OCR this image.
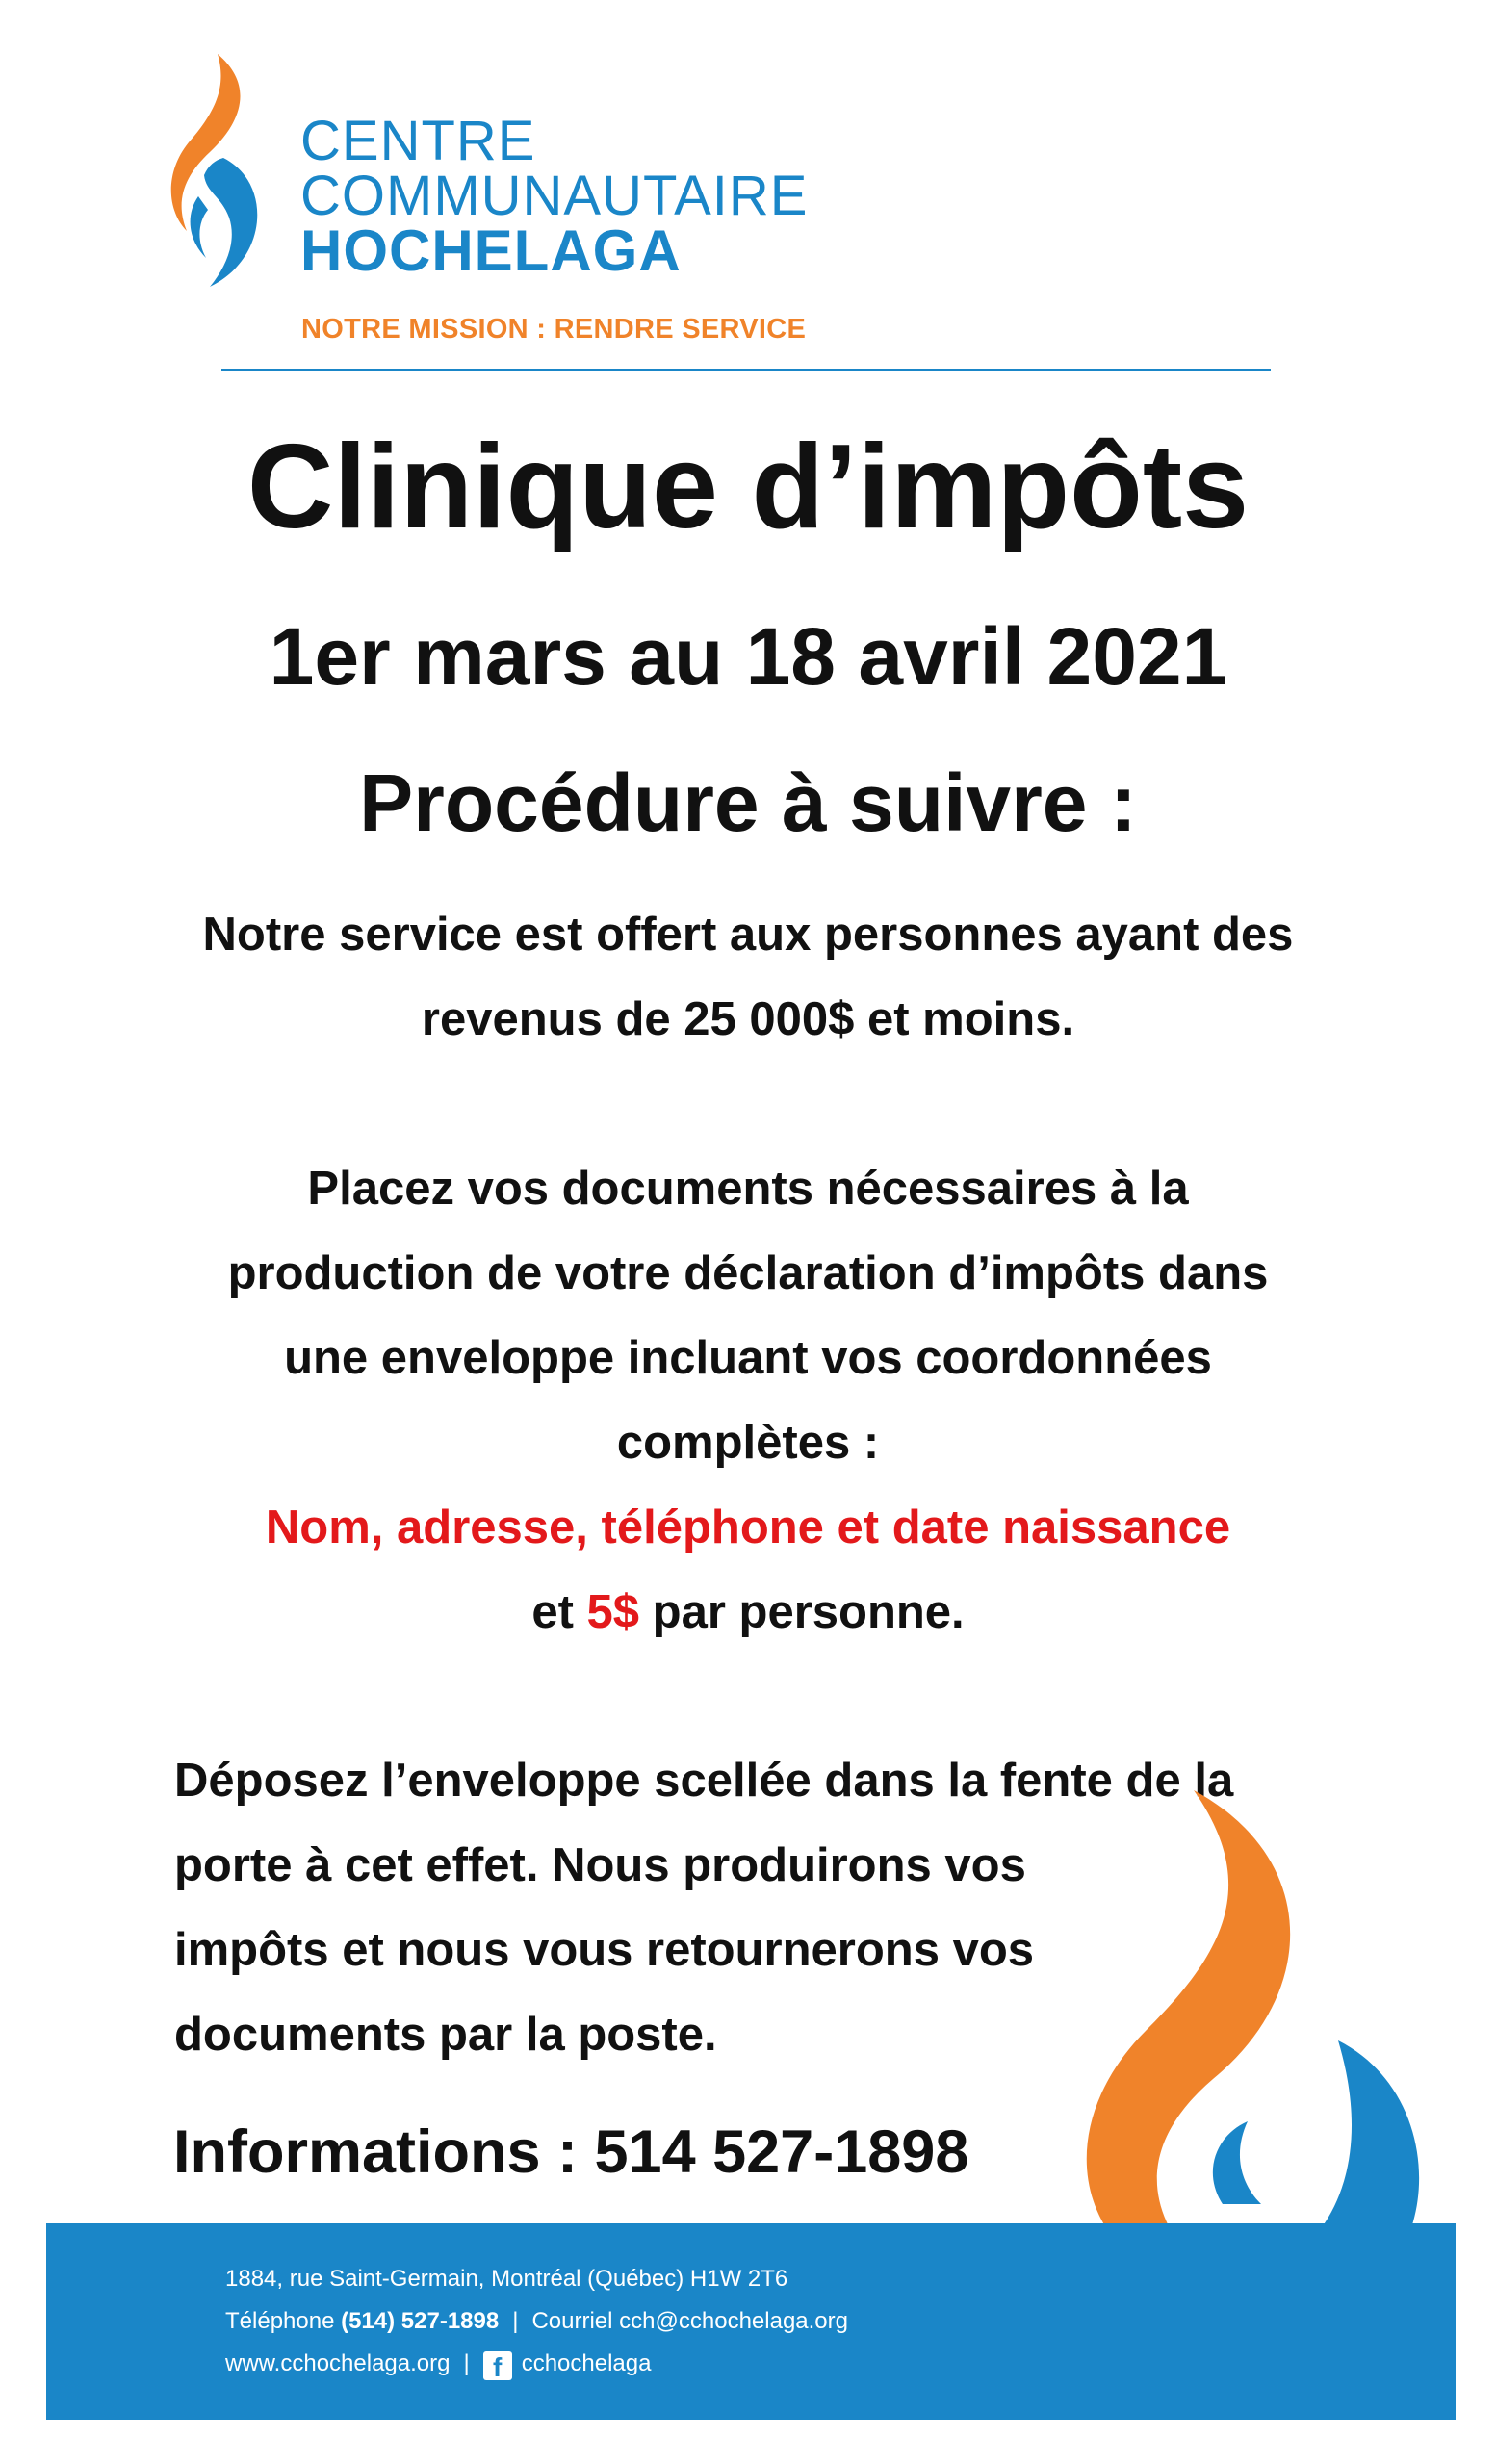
CENTRE
COMMUNAUTAIRE
HOCHELAGA
NOTRE MISSION : RENDRE SERVICE
Clinique d’impôts
1er mars au 18 avril 2021
Procédure à suivre :
Notre service est offert aux personnes ayant des
revenus de 25 000$ et moins.
Placez vos documents nécessaires à la
production de votre déclaration d’impôts dans
une enveloppe incluant vos coordonnées
complètes :
Nom, adresse, téléphone et date naissance
et 5$ par personne.
Déposez l’enveloppe scellée dans la fente de la
porte à cet effet. Nous produirons vos
impôts et nous vous retournerons vos
documents par la poste.
Informations : 514 527-1898
1884, rue Saint-Germain, Montréal (Québec) H1W 2T6
Téléphone (514) 527-1898 | Courriel cch@cchochelaga.org
www.cchochelaga.org | f cchochelaga
